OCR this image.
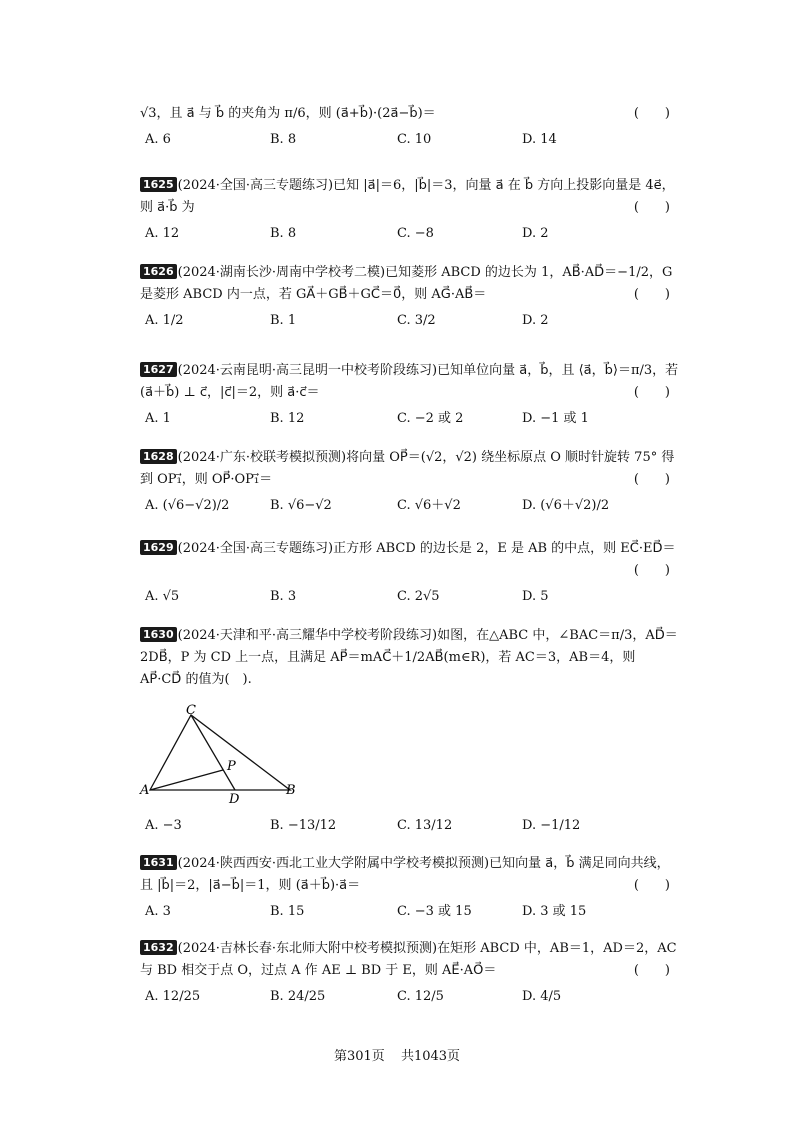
√3，且 a⃗ 与 b⃗ 的夹角为 π/6，则 (a⃗+b⃗)·(2a⃗−b⃗)＝	(　　)
A. 6	B. 8	C. 10	D. 14

1625 (2024·全国·高三专题练习)已知 |a⃗|＝6，|b⃗|＝3，向量 a⃗ 在 b⃗ 方向上投影向量是 4e⃗，则 a⃗·b⃗ 为	(　　)
A. 12	B. 8	C. −8	D. 2

1626 (2024·湖南长沙·周南中学校考二模)已知菱形 ABCD 的边长为 1，AB⃗·AD⃗＝−1/2，G 是菱形 ABCD 内一点，若 GA⃗＋GB⃗＋GC⃗＝0⃗，则 AG⃗·AB⃗＝	(　　)
A. 1/2	B. 1	C. 3/2	D. 2

1627 (2024·云南昆明·高三昆明一中校考阶段练习)已知单位向量 a⃗，b⃗，且 ⟨a⃗，b⃗⟩＝π/3，若 (a⃗＋b⃗) ⊥ c⃗，|c⃗|＝2，则 a⃗·c⃗＝	(　　)
A. 1	B. 12	C. −2 或 2	D. −1 或 1

1628 (2024·广东·校联考模拟预测)将向量 OP⃗＝(√2，√2) 绕坐标原点 O 顺时针旋转 75° 得到 OP₁⃗，则 OP⃗·OP₁⃗＝	(　　)
A. (√6−√2)/2	B. √6−√2	C. √6＋√2	D. (√6＋√2)/2

1629 (2024·全国·高三专题练习)正方形 ABCD 的边长是 2，E 是 AB 的中点，则 EC⃗·ED⃗＝

(　　)
A. √5	B. 3	C. 2√5	D. 5

1630 (2024·天津和平·高三耀华中学校考阶段练习)如图，在△ABC 中，∠BAC＝π/3，AD⃗＝2DB⃗，P 为 CD 上一点，且满足 AP⃗＝mAC⃗＋1/2AB⃗(m∈R)，若 AC＝3，AB＝4，则 AP⃗·CD⃗ 的值为(　).

C
P
A
D
B
A. −3	B. −13/12	C. 13/12	D. −1/12

1631 (2024·陕西西安·西北工业大学附属中学校考模拟预测)已知向量 a⃗，b⃗ 满足同向共线，且 |b⃗|＝2，|a⃗−b⃗|＝1，则 (a⃗＋b⃗)·a⃗＝	(　　)
A. 3	B. 15	C. −3 或 15	D. 3 或 15

1632 (2024·吉林长春·东北师大附中校考模拟预测)在矩形 ABCD 中，AB＝1，AD＝2，AC 与 BD 相交于点 O，过点 A 作 AE ⊥ BD 于 E，则 AE⃗·AO⃗＝	(　　)
A. 12/25	B. 24/25	C. 12/5	D. 4/5
第301页 共1043页
